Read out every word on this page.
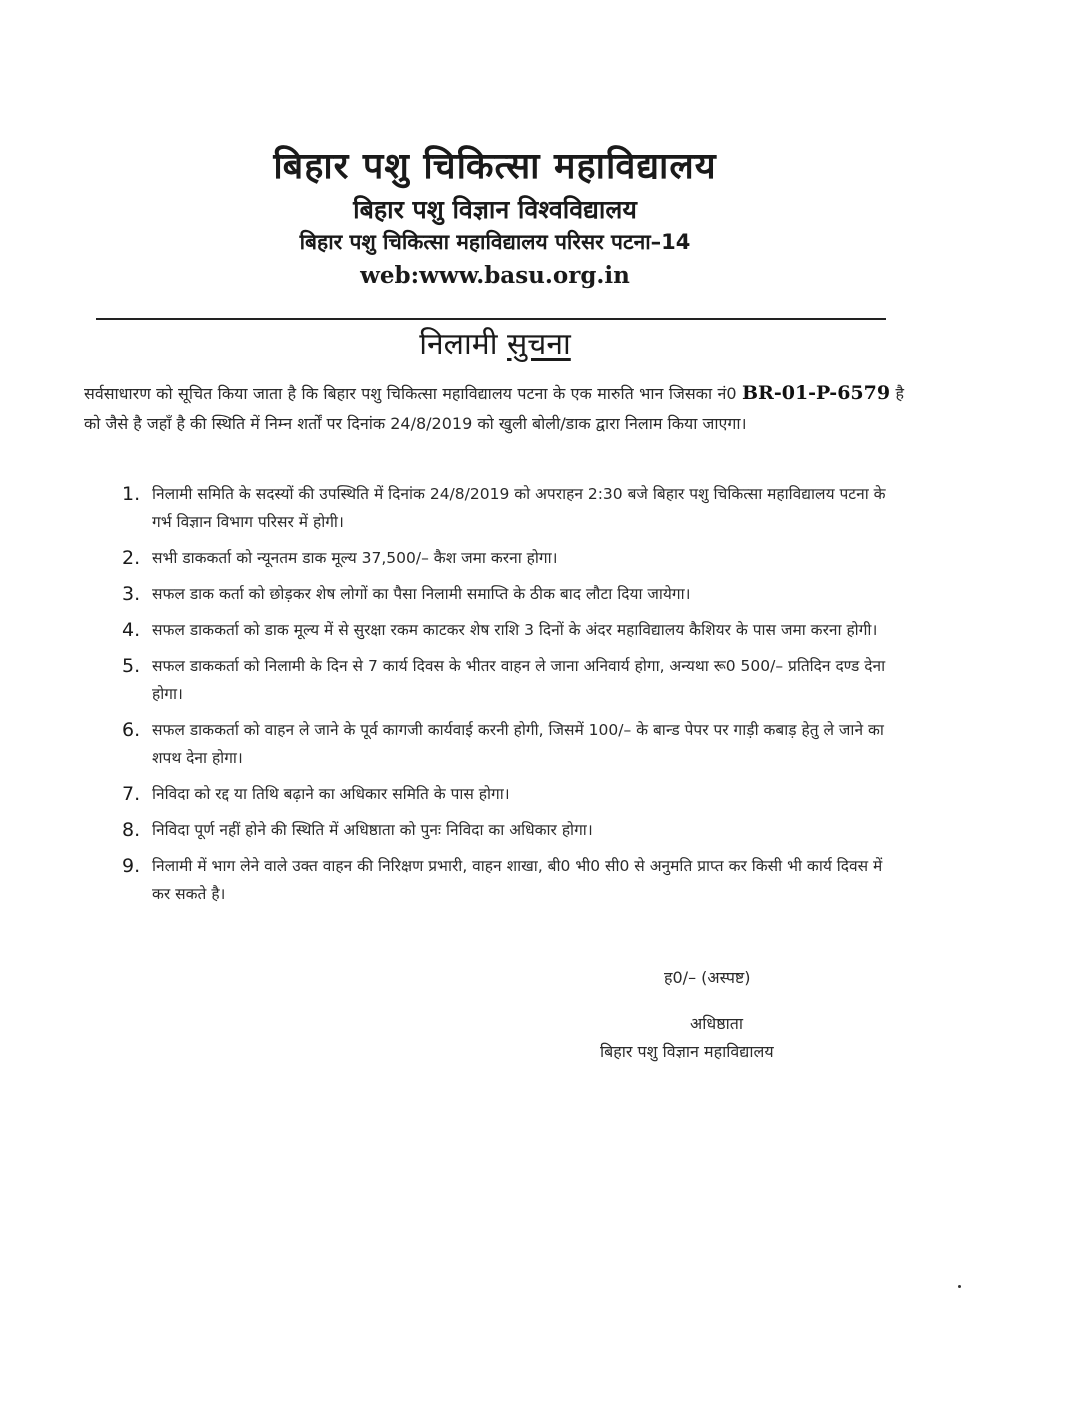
बिहार पशु चिकित्सा महाविद्यालय
बिहार पशु विज्ञान विश्वविद्यालय
बिहार पशु चिकित्सा महाविद्यालय परिसर पटना–14
web:www.basu.org.in
निलामी सुचना
सर्वसाधारण को सूचित किया जाता है कि बिहार पशु चिकित्सा महाविद्यालय पटना के एक मारुति भान जिसका नं0 BR-01-P-6579 है को जैसे है जहाँ है की स्थिति में निम्न शर्तों पर दिनांक 24/8/2019 को खुली बोली/डाक द्वारा निलाम किया जाएगा।
1. निलामी समिति के सदस्यों की उपस्थिति में दिनांक 24/8/2019 को अपराहन 2:30 बजे बिहार पशु चिकित्सा महाविद्यालय पटना के गर्भ विज्ञान विभाग परिसर में होगी।
2. सभी डाककर्ता को न्यूनतम डाक मूल्य 37,500/– कैश जमा करना होगा।
3. सफल डाक कर्ता को छोड़कर शेष लोगों का पैसा निलामी समाप्ति के ठीक बाद लौटा दिया जायेगा।
4. सफल डाककर्ता को डाक मूल्य में से सुरक्षा रकम काटकर शेष राशि 3 दिनों के अंदर महाविद्यालय कैशियर के पास जमा करना होगी।
5. सफल डाककर्ता को निलामी के दिन से 7 कार्य दिवस के भीतर वाहन ले जाना अनिवार्य होगा, अन्यथा रू0 500/– प्रतिदिन दण्ड देना होगा।
6. सफल डाककर्ता को वाहन ले जाने के पूर्व कागजी कार्यवाई करनी होगी, जिसमें 100/– के बान्ड पेपर पर गाड़ी कबाड़ हेतु ले जाने का शपथ देना होगा।
7. निविदा को रद्द या तिथि बढ़ाने का अधिकार समिति के पास होगा।
8. निविदा पूर्ण नहीं होने की स्थिति में अधिष्ठाता को पुनः निविदा का अधिकार होगा।
9. निलामी में भाग लेने वाले उक्त वाहन की निरिक्षण प्रभारी, वाहन शाखा, बी0 भी0 सी0 से अनुमति प्राप्त कर किसी भी कार्य दिवस में कर सकते है।
ह0/– (अस्पष्ट)
अधिष्ठाता
बिहार पशु विज्ञान महाविद्यालय
